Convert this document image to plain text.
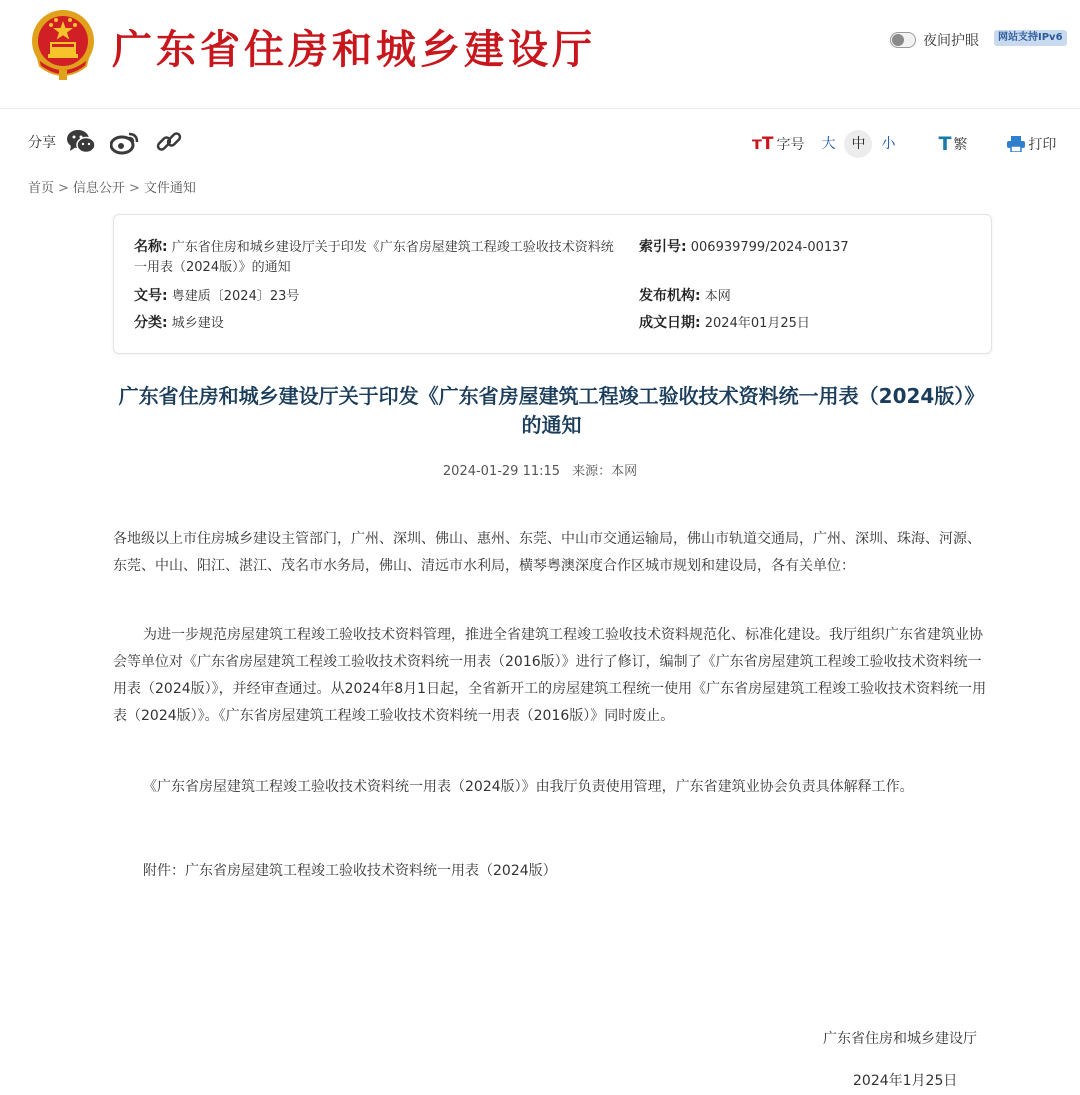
广东省住房和城乡建设厅	夜间护眼	网站支持IPv6
分享	тT 字号	大	中	小	T 繁	打印
首页 > 信息公开 > 文件通知
名称: 广东省住房和城乡建设厅关于印发《广东省房屋建筑工程竣工验收技术资料统一用表（2024版）》的通知
索引号: 006939799/2024-00137
文号: 粤建质〔2024〕23号	发布机构: 本网
分类: 城乡建设	成文日期: 2024年01月25日
广东省住房和城乡建设厅关于印发《广东省房屋建筑工程竣工验收技术资料统一用表（2024版）》的通知
2024-01-29 11:15 来源：本网

各地级以上市住房城乡建设主管部门，广州、深圳、佛山、惠州、东莞、中山市交通运输局，佛山市轨道交通局，广州、深圳、珠海、河源、东莞、中山、阳江、湛江、茂名市水务局，佛山、清远市水利局，横琴粤澳深度合作区城市规划和建设局，各有关单位：

为进一步规范房屋建筑工程竣工验收技术资料管理，推进全省建筑工程竣工验收技术资料规范化、标准化建设。我厅组织广东省建筑业协会等单位对《广东省房屋建筑工程竣工验收技术资料统一用表（2016版）》进行了修订，编制了《广东省房屋建筑工程竣工验收技术资料统一用表（2024版）》，并经审查通过。从2024年8月1日起，全省新开工的房屋建筑工程统一使用《广东省房屋建筑工程竣工验收技术资料统一用表（2024版）》。《广东省房屋建筑工程竣工验收技术资料统一用表（2016版）》同时废止。

《广东省房屋建筑工程竣工验收技术资料统一用表（2024版）》由我厅负责使用管理，广东省建筑业协会负责具体解释工作。

附件：广东省房屋建筑工程竣工验收技术资料统一用表（2024版）

广东省住房和城乡建设厅
2024年1月25日
